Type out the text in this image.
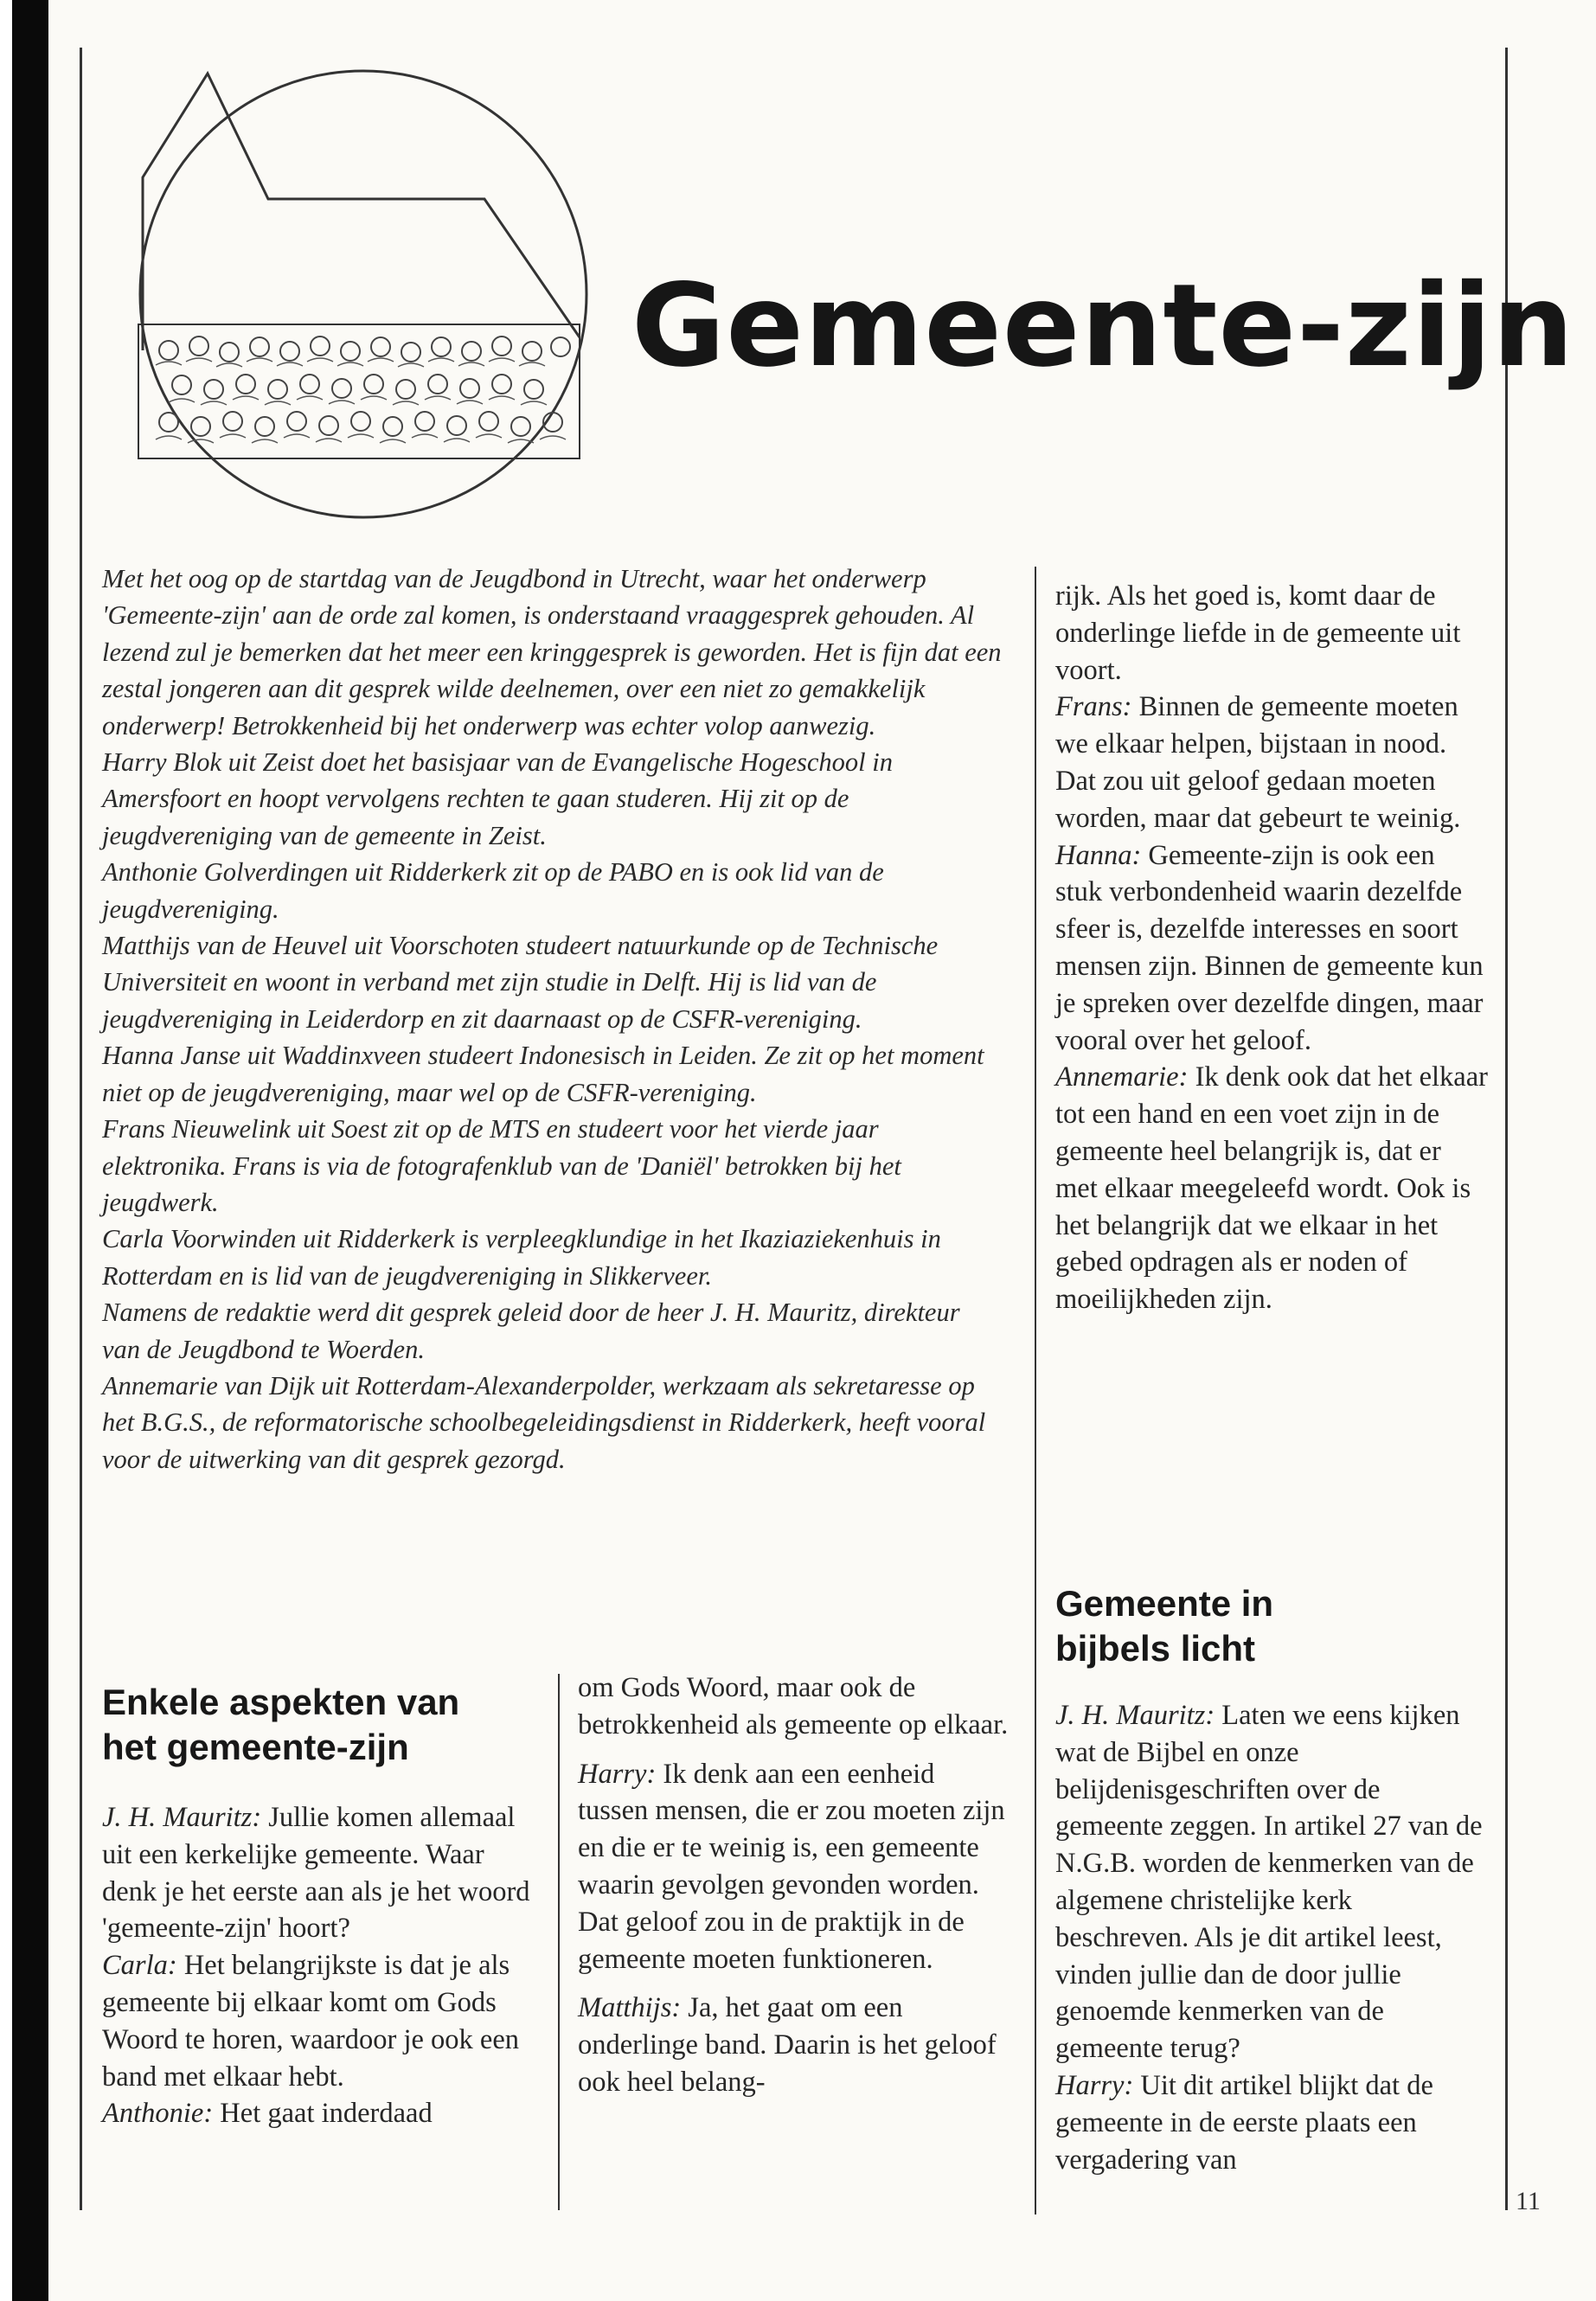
Gemeente-zijn

Met het oog op de startdag van de Jeugdbond in Utrecht, waar het onderwerp 'Gemeente-zijn' aan de orde zal komen, is onderstaand vraaggesprek gehouden. Al lezend zul je bemerken dat het meer een kringgesprek is geworden. Het is fijn dat een zestal jongeren aan dit gesprek wilde deelnemen, over een niet zo gemakkelijk onderwerp! Betrokkenheid bij het onderwerp was echter volop aanwezig.

Harry Blok uit Zeist doet het basisjaar van de Evangelische Hogeschool in Amersfoort en hoopt vervolgens rechten te gaan studeren. Hij zit op de jeugdvereniging van de gemeente in Zeist.

Anthonie Golverdingen uit Ridderkerk zit op de PABO en is ook lid van de jeugdvereniging.

Matthijs van de Heuvel uit Voorschoten studeert natuurkunde op de Technische Universiteit en woont in verband met zijn studie in Delft. Hij is lid van de jeugdvereniging in Leiderdorp en zit daarnaast op de CSFR-vereniging.

Hanna Janse uit Waddinxveen studeert Indonesisch in Leiden. Ze zit op het moment niet op de jeugdvereniging, maar wel op de CSFR-vereniging.

Frans Nieuwelink uit Soest zit op de MTS en studeert voor het vierde jaar elektronika. Frans is via de fotografenklub van de 'Daniël' betrokken bij het jeugdwerk.

Carla Voorwinden uit Ridderkerk is verpleegklundige in het Ikaziaziekenhuis in Rotterdam en is lid van de jeugdvereniging in Slikkerveer.

Namens de redaktie werd dit gesprek geleid door de heer J. H. Mauritz, direkteur van de Jeugdbond te Woerden.

Annemarie van Dijk uit Rotterdam-Alexanderpolder, werkzaam als sekretaresse op het B.G.S., de reformatorische schoolbegeleidingsdienst in Ridderkerk, heeft vooral voor de uitwerking van dit gesprek gezorgd.

rijk. Als het goed is, komt daar de onderlinge liefde in de gemeente uit voort.

Frans: Binnen de gemeente moeten we elkaar helpen, bijstaan in nood. Dat zou uit geloof gedaan moeten worden, maar dat gebeurt te weinig.

Hanna: Gemeente-zijn is ook een stuk verbondenheid waarin dezelfde sfeer is, dezelfde interesses en soort mensen zijn. Binnen de gemeente kun je spreken over dezelfde dingen, maar vooral over het geloof.

Annemarie: Ik denk ook dat het elkaar tot een hand en een voet zijn in de gemeente heel belangrijk is, dat er met elkaar meegeleefd wordt. Ook is het belangrijk dat we elkaar in het gebed opdragen als er noden of moeilijkheden zijn.

Gemeente in
bijbels licht

J. H. Mauritz: Laten we eens kijken wat de Bijbel en onze belijdenisgeschriften over de gemeente zeggen. In artikel 27 van de N.G.B. worden de kenmerken van de algemene christelijke kerk beschreven. Als je dit artikel leest, vinden jullie dan de door jullie genoemde kenmerken van de gemeente terug?

Harry: Uit dit artikel blijkt dat de gemeente in de eerste plaats een vergadering van

Enkele aspekten van
het gemeente-zijn

J. H. Mauritz: Jullie komen allemaal uit een kerkelijke gemeente. Waar denk je het eerste aan als je het woord 'gemeente-zijn' hoort?

Carla: Het belangrijkste is dat je als gemeente bij elkaar komt om Gods Woord te horen, waardoor je ook een band met elkaar hebt.

Anthonie: Het gaat inderdaad

om Gods Woord, maar ook de betrokkenheid als gemeente op elkaar.

Harry: Ik denk aan een eenheid tussen mensen, die er zou moeten zijn en die er te weinig is, een gemeente waarin gevolgen gevonden worden. Dat geloof zou in de praktijk in de gemeente moeten funktioneren.

Matthijs: Ja, het gaat om een onderlinge band. Daarin is het geloof ook heel belang-

11
